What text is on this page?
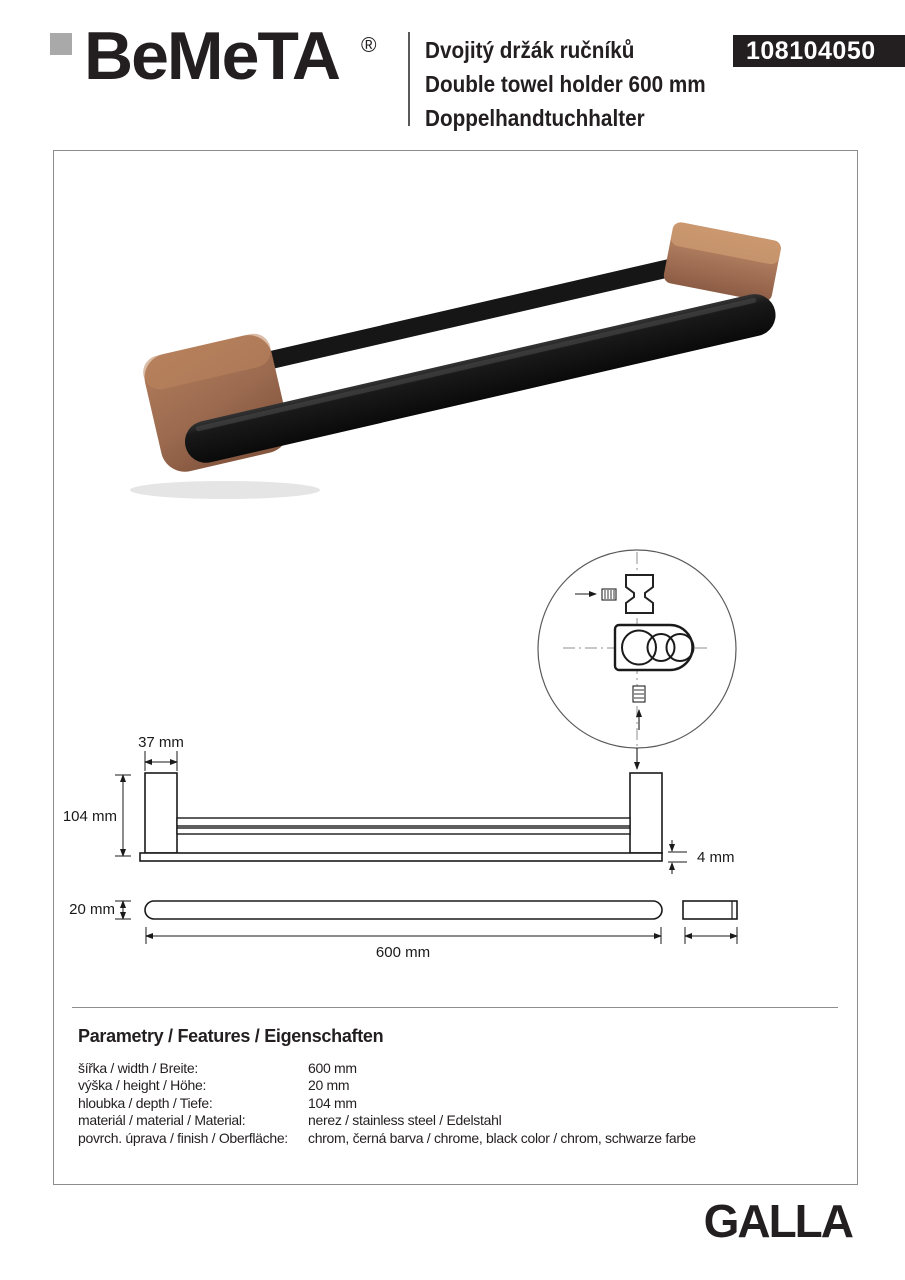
BeMeTA ® Dvojitý držák ručníků
Double towel holder 600 mm
Doppelhandtuchhalter
108104050
37 mm
104 mm
4 mm
20 mm
600 mm
Parametry / Features / Eigenschaften
šířka / width / Breite:	600 mm
výška / height / Höhe:	20 mm
hloubka / depth / Tiefe:	104 mm
materiál / material / Material:	nerez / stainless steel / Edelstahl
povrch. úprava / finish / Oberfläche: chrom, černá barva / chrome, black color / chrom, schwarze farbe
GALLA
